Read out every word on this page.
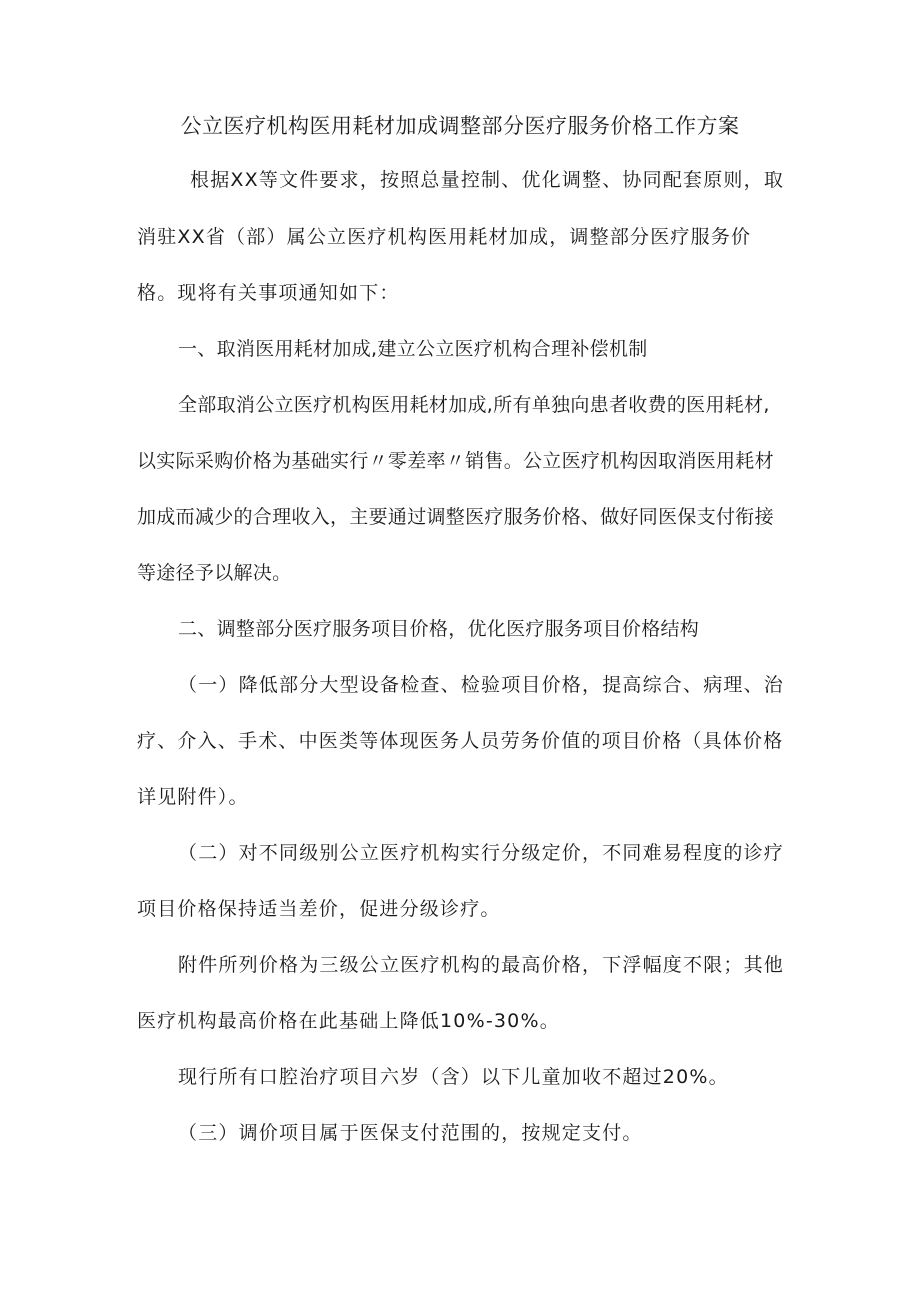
公立医疗机构医用耗材加成调整部分医疗服务价格工作方案
根据XX等文件要求，按照总量控制、优化调整、协同配套原则，取
消驻XX省（部）属公立医疗机构医用耗材加成，调整部分医疗服务价
格。现将有关事项通知如下：
一、取消医用耗材加成,建立公立医疗机构合理补偿机制
全部取消公立医疗机构医用耗材加成,所有单独向患者收费的医用耗材,
以实际采购价格为基础实行〃零差率〃销售。公立医疗机构因取消医用耗材
加成而减少的合理收入，主要通过调整医疗服务价格、做好同医保支付衔接
等途径予以解决。
二、调整部分医疗服务项目价格，优化医疗服务项目价格结构
（一）降低部分大型设备检查、检验项目价格，提高综合、病理、治
疗、介入、手术、中医类等体现医务人员劳务价值的项目价格（具体价格
详见附件）。
（二）对不同级别公立医疗机构实行分级定价，不同难易程度的诊疗
项目价格保持适当差价，促进分级诊疗。
附件所列价格为三级公立医疗机构的最高价格，下浮幅度不限；其他
医疗机构最高价格在此基础上降低10%-30%。
现行所有口腔治疗项目六岁（含）以下儿童加收不超过20%。
（三）调价项目属于医保支付范围的，按规定支付。
